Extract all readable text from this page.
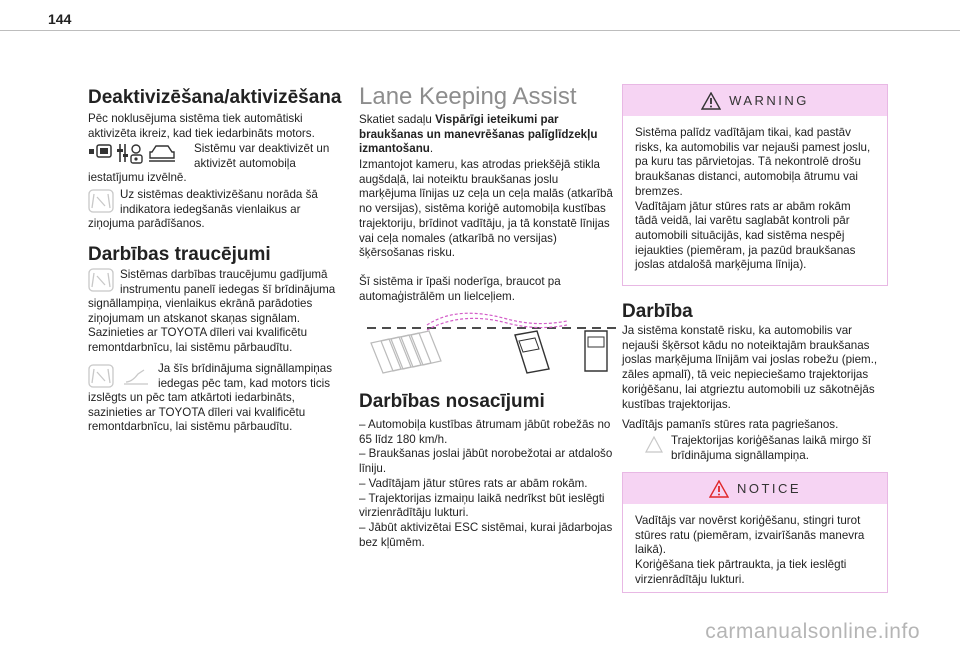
144
Deaktivizēšana/aktivizēšana

Pēc noklusējuma sistēma tiek automātiski aktivizēta ikreiz, kad tiek iedarbināts motors.

Sistēmu var deaktivizēt un aktivizēt automobiļa

iestatījumu izvēlnē.

Uz sistēmas deaktivizēšanu norāda šā indikatora iedegšanās vienlaikus ar

ziņojuma parādīšanos.

Darbības traucējumi

Sistēmas darbības traucējumu gadījumā instrumentu panelī iedegas šī brīdinājuma

signāllampiņa, vienlaikus ekrānā parādoties ziņojumam un atskanot skaņas signālam. Sazinieties ar TOYOTA dīleri vai kvalificētu remontdarbnīcu, lai sistēmu pārbaudītu.

Ja šīs brīdinājuma signāllampiņas iedegas pēc tam, kad motors ticis

izslēgts un pēc tam atkārtoti iedarbināts, sazinieties ar TOYOTA dīleri vai kvalificētu remontdarbnīcu, lai sistēmu pārbaudītu.

Lane Keeping Assist

Skatiet sadaļu Vispārīgi ieteikumi par braukšanas un manevrēšanas palīglīdzekļu izmantošanu.

Izmantojot kameru, kas atrodas priekšējā stikla augšdaļā, lai noteiktu braukšanas joslu marķējuma līnijas uz ceļa un ceļa malās (atkarībā no versijas), sistēma koriģē automobiļa kustības trajektoriju, brīdinot vadītāju, ja tā konstatē līnijas vai ceļa nomales (atkarībā no versijas) šķērsošanas risku.

Šī sistēma ir īpaši noderīga, braucot pa automaģistrālēm un lielceļiem.

Darbības nosacījumi

– Automobiļa kustības ātrumam jābūt robežās no 65 līdz 180 km/h.

– Braukšanas joslai jābūt norobežotai ar atdalošo līniju.

– Vadītājam jātur stūres rats ar abām rokām.

– Trajektorijas izmaiņu laikā nedrīkst būt ieslēgti virzienrādītāju lukturi.

– Jābūt aktivizētai ESC sistēmai, kurai jādarbojas bez kļūmēm.

WARNING

Sistēma palīdz vadītājam tikai, kad pastāv risks, ka automobilis var nejauši pamest joslu, pa kuru tas pārvietojas. Tā nekontrolē drošu braukšanas distanci, automobiļa ātrumu vai bremzes.

Vadītājam jātur stūres rats ar abām rokām tādā veidā, lai varētu saglabāt kontroli pār automobili situācijās, kad sistēma nespēj iejaukties (piemēram, ja pazūd braukšanas joslas atdalošā marķējuma līnija).

Darbība

Ja sistēma konstatē risku, ka automobilis var nejauši šķērsot kādu no noteiktajām braukšanas joslas marķējuma līnijām vai joslas robežu (piem., zāles apmalī), tā veic nepieciešamo trajektorijas koriģēšanu, lai atgrieztu automobili uz sākotnējās kustības trajektorijas.

Vadītājs pamanīs stūres rata pagriešanos.

Trajektorijas koriģēšanas laikā mirgo šī brīdinājuma signāllampiņa.

NOTICE

Vadītājs var novērst koriģēšanu, stingri turot stūres ratu (piemēram, izvairīšanās manevra laikā).

Koriģēšana tiek pārtraukta, ja tiek ieslēgti virzienrādītāju lukturi.

carmanualsonline.info
